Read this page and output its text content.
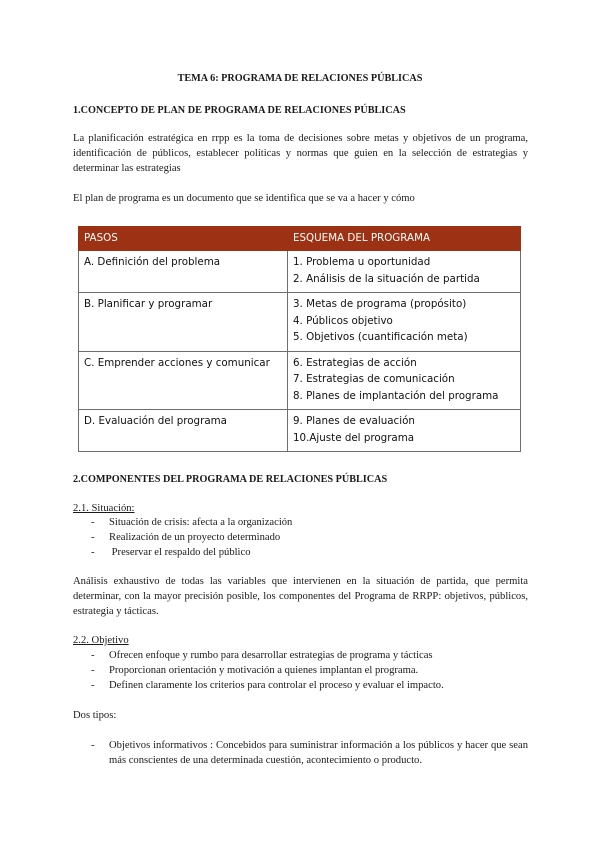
TEMA 6: PROGRAMA DE RELACIONES PÚBLICAS
1.CONCEPTO DE PLAN DE PROGRAMA DE RELACIONES PÚBLICAS
La planificación estratégica en rrpp es la toma de decisiones sobre metas y objetivos de un programa, identificación de públicos, establecer políticas y normas que guien en la selección de estrategias y determinar las estrategias
El plan de programa es un documento que se identifica que se va a hacer y cómo
PASOS	ESQUEMA DEL PROGRAMA
A. Definición del problema	1. Problema u oportunidad
2. Análisis de la situación de partida

B. Planificar y programar	3. Metas de programa (propósito)
4. Públicos objetivo
5. Objetivos (cuantificación meta)

C. Emprender acciones y comunicar	6. Estrategias de acción
7. Estrategias de comunicación
8. Planes de implantación del programa

D. Evaluación del programa	9. Planes de evaluación
10.Ajuste del programa
2.COMPONENTES DEL PROGRAMA DE RELACIONES PÚBLICAS
2.1. Situación:
- Situación de crisis: afecta a la organización
- Realización de un proyecto determinado
- Preservar el respaldo del público
Análisis exhaustivo de todas las variables que intervienen en la situación de partida, que permita determinar, con la mayor precisión posible, los componentes del Programa de RRPP: objetivos, públicos, estrategia y tácticas.
2.2. Objetivo
- Ofrecen enfoque y rumbo para desarrollar estrategias de programa y tácticas
- Proporcionan orientación y motivación a quienes implantan el programa.
- Definen claramente los criterios para controlar el proceso y evaluar el impacto.
Dos tipos:
- Objetivos informativos : Concebidos para suministrar información a los públicos y hacer que sean más conscientes de una determinada cuestión, acontecimiento o producto.
